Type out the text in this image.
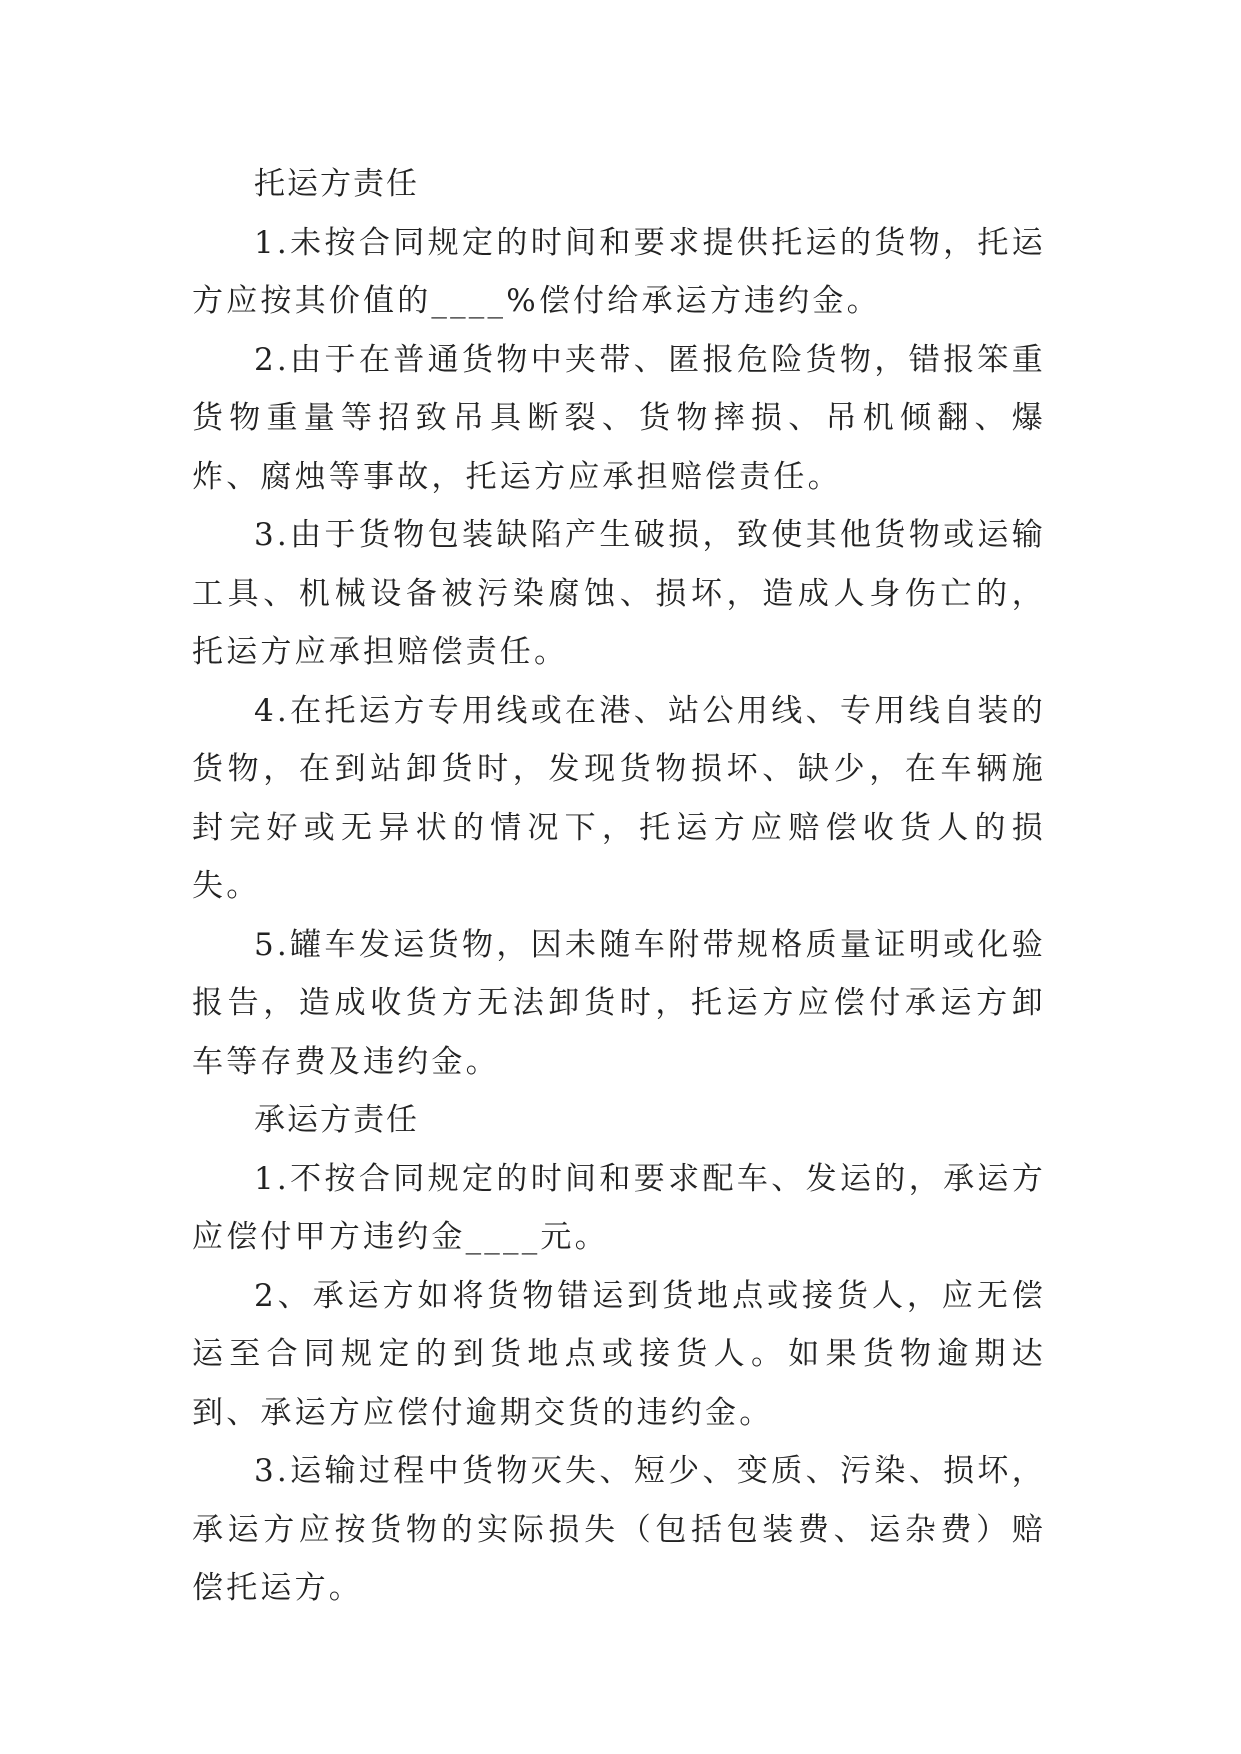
托运方责任

1.未按合同规定的时间和要求提供托运的货物，托运方应按其价值的____%偿付给承运方违约金。

2.由于在普通货物中夹带、匿报危险货物，错报笨重货物重量等招致吊具断裂、货物摔损、吊机倾翻、爆炸、腐烛等事故，托运方应承担赔偿责任。

3.由于货物包装缺陷产生破损，致使其他货物或运输工具、机械设备被污染腐蚀、损坏，造成人身伤亡的，托运方应承担赔偿责任。

4.在托运方专用线或在港、站公用线、专用线自装的货物，在到站卸货时，发现货物损坏、缺少，在车辆施封完好或无异状的情况下，托运方应赔偿收货人的损失。

5.罐车发运货物，因未随车附带规格质量证明或化验报告，造成收货方无法卸货时，托运方应偿付承运方卸车等存费及违约金。

承运方责任

1.不按合同规定的时间和要求配车、发运的，承运方应偿付甲方违约金____元。

2、承运方如将货物错运到货地点或接货人，应无偿运至合同规定的到货地点或接货人。如果货物逾期达到、承运方应偿付逾期交货的违约金。

3.运输过程中货物灭失、短少、变质、污染、损坏，承运方应按货物的实际损失（包括包装费、运杂费）赔偿托运方。
